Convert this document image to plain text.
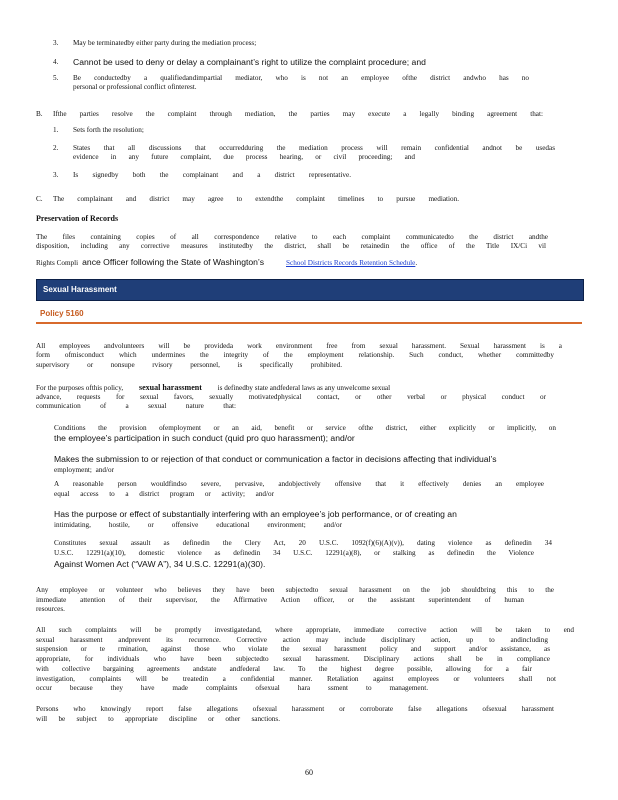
3. May be terminatedby either party during the mediation process;
4. Cannot be used to deny or delay a complainant’s right to utilize the complaint procedure; and
5. Be conductedby a qualifiedandimpartial mediator, who is not an employee ofthe district andwho has no
personal or professional conflict ofinterest.
B. Ifthe parties resolve the complaint through mediation, the parties may execute a legally binding agreement that:
1. Sets forth the resolution;
2. States that all discussions that occurredduring the mediation process will remain confidential andnot be usedas
evidence in any future complaint, due process hearing, or civil proceeding; and
3. Is signedby both the complainant and a district representative.
C. The complainant and district may agree to extendthe complaint timelines to pursue mediation.
Preservation of Records
The files containing copies of all correspondence relative to each complaint communicatedto the district andthe
disposition, including any corrective measures institutedby the district, shall be retainedin the office of the Title IX/Ci vil
Rights Compli ance Officer following the State of Washington’s	School Districts Records Retention Schedule.
Sexual Harassment
Policy 5160
All employees andvolunteers will be provideda work environment free from sexual harassment. Sexual harassment is a
form ofmisconduct which undermines the integrity of the employment relationship. Such conduct, whether committedby
supervisory or nonsupe rvisory personnel, is specifically prohibited.
For the purposes ofthis policy, sexual harassment is definedby state andfederal laws as any unwelcome sexual
advance, requests for sexual favors, sexually motivatedphysical contact, or other verbal or physical conduct or
communication of a sexual nature that:
Conditions the provision ofemployment or an aid, benefit or service ofthe district, either explicitly or implicitly, on
the employee’s participation in such conduct (quid pro quo harassment); and/or
Makes the submission to or rejection of that conduct or communication a factor in decisions affecting that individual’s
employment; and/or
A reasonable person wouldfindso severe, pervasive, andobjectively offensive that it effectively denies an employee
equal access to a district program or activity; and/or
Has the purpose or effect of substantially interfering with an employee’s job performance, or of creating an
intimidating, hostile, or offensive educational environment; and/or
Constitutes sexual assault as definedin the Clery Act, 20 U.S.C. 1092(f)(6)(A)(v)), dating violence as definedin 34
U.S.C. 12291(a)(10), domestic violence as definedin 34 U.S.C. 12291(a)(8), or stalking as definedin the Violence
Against Women Act (“VAW A”), 34 U.S.C. 12291(a)(30).
Any employee or volunteer who believes they have been subjectedto sexual harassment on the job shouldbring this to the
immediate attention of their supervisor, the Affirmative Action officer, or the assistant superintendent of human
resources.
All such complaints will be promptly investigatedand, where appropriate, immediate corrective action will be taken to end
sexual harassment andprevent its recurrence. Corrective action may include disciplinary action, up to andincluding
suspension or te rmination, against those who violate the sexual harassment policy and support and/or assistance, as
appropriate, for individuals who have been subjectedto sexual harassment. Disciplinary actions shall be in compliance
with collective bargaining agreements andstate andfederal law. To the highest degree possible, allowing for a fair
investigation, complaints will be treatedin a confidential manner. Retaliation against employees or volunteers shall not
occur because they have made complaints ofsexual hara ssment to management.
Persons who knowingly report false allegations ofsexual harassment or corroborate false allegations ofsexual harassment
will be subject to appropriate discipline or other sanctions.
60
